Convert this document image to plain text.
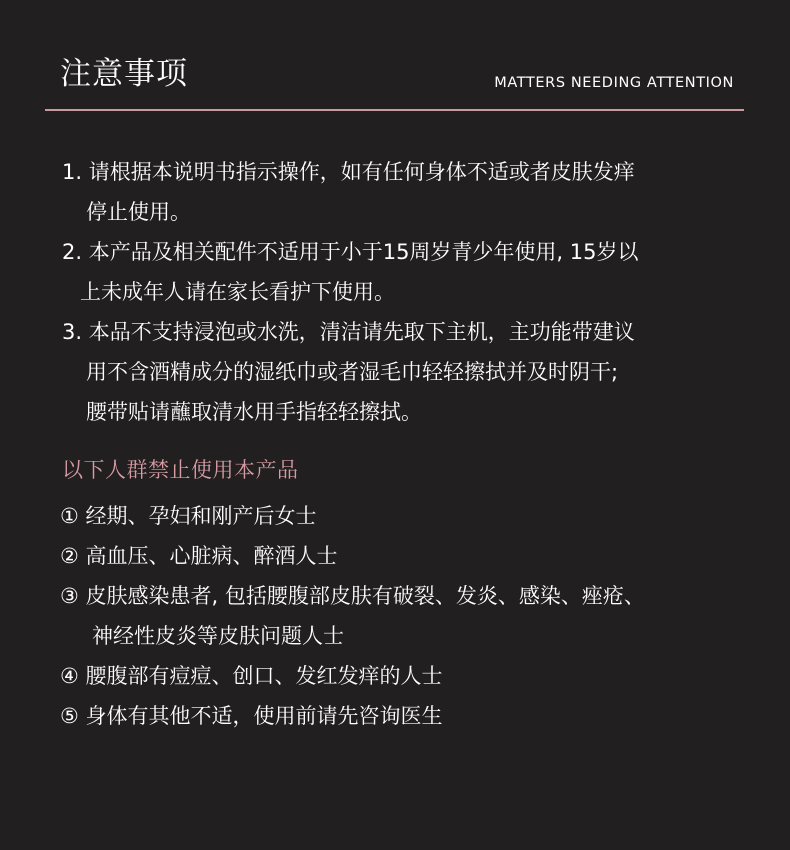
注意事项	MATTERS NEEDING ATTENTION
1. 请根据本说明书指示操作，如有任何身体不适或者皮肤发痒
停止使用。
2. 本产品及相关配件不适用于小于15周岁青少年使用, 15岁以
上未成年人请在家长看护下使用。
3. 本品不支持浸泡或水洗，清洁请先取下主机，主功能带建议
用不含酒精成分的湿纸巾或者湿毛巾轻轻擦拭并及时阴干;
腰带贴请蘸取清水用手指轻轻擦拭。
以下人群禁止使用本产品
① 经期、孕妇和刚产后女士
② 高血压、心脏病、醉酒人士
③ 皮肤感染患者, 包括腰腹部皮肤有破裂、发炎、感染、痤疮、
神经性皮炎等皮肤问题人士
④ 腰腹部有痘痘、创口、发红发痒的人士
⑤ 身体有其他不适，使用前请先咨询医生
